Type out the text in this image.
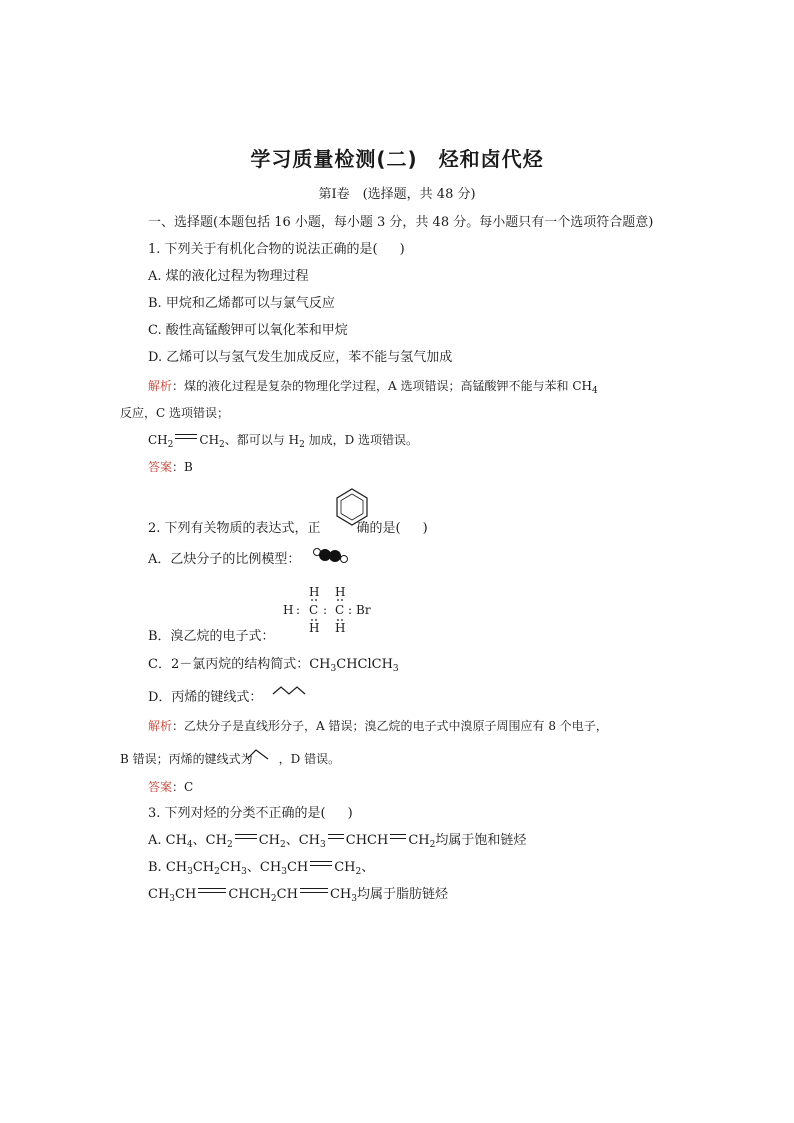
学习质量检测(二)　烃和卤代烃
第Ⅰ卷　(选择题，共 48 分)
一、选择题(本题包括 16 小题，每小题 3 分，共 48 分。每小题只有一个选项符合题意)
1. 下列关于有机化合物的说法正确的是( )
A. 煤的液化过程为物理过程
B. 甲烷和乙烯都可以与氯气反应
C. 酸性高锰酸钾可以氧化苯和甲烷
D. 乙烯可以与氢气发生加成反应，苯不能与氢气加成
解析：煤的液化过程是复杂的物理化学过程，A 选项错误；高锰酸钾不能与苯和 $CH_4$
反应，C 选项错误；
$CH_2$ $CH_2$、都可以与 $H_2$ 加成，D 选项错误。
答案：B
2. 下列有关物质的表达式，正	确的是( )
A．乙炔分子的比例模型：
H H
H : C : C : Br
H H
B．溴乙烷的电子式：
C．2－氯丙烷的结构简式：$CH_3CHClCH_3$
D．丙烯的键线式：
解析：乙炔分子是直线形分子，A 错误；溴乙烷的电子式中溴原子周围应有 8 个电子，
B 错误；丙烯的键线式为 ，D 错误。
答案：C
3. 下列对烃的分类不正确的是( )
A. $CH_4$、$CH_2$ $CH_2$、$CH_3$ CHCH $CH_2$均属于饱和链烃
B. $CH_3CH_2CH_3$、$CH_3CH$ $CH_2$、
$CH_3CH$ $CHCH_2CH$ $CH_3$均属于脂肪链烃
